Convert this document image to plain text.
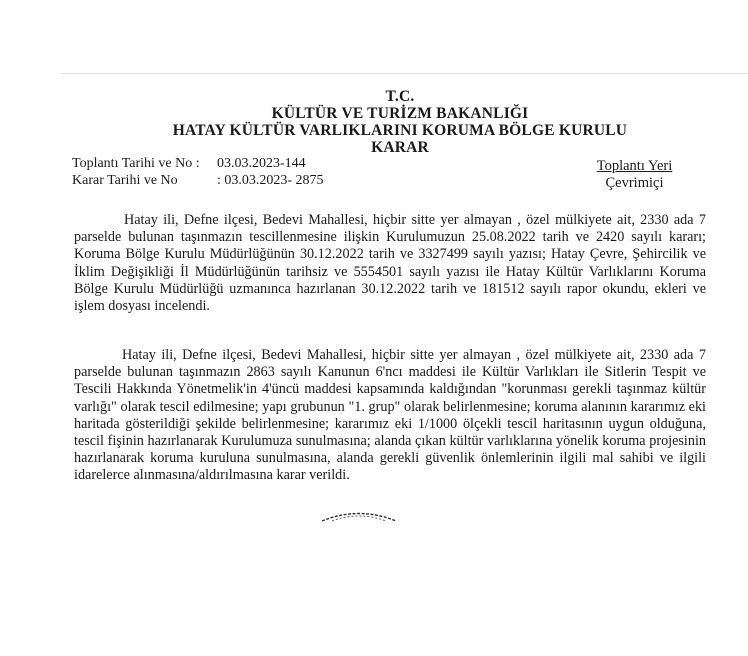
T.C.
KÜLTÜR VE TURİZM BAKANLIĞI
HATAY KÜLTÜR VARLIKLARINI KORUMA BÖLGE KURULU
KARAR
Toplantı Tarihi ve No : 03.03.2023-144
Karar Tarihi ve No	: 03.03.2023- 2875
Toplantı Yeri
Çevrimiçi
Hatay ili, Defne ilçesi, Bedevi Mahallesi, hiçbir sitte yer almayan , özel mülkiyete ait, 2330 ada 7 parselde bulunan taşınmazın tescillenmesine ilişkin Kurulumuzun 25.08.2022 tarih ve 2420 sayılı kararı; Koruma Bölge Kurulu Müdürlüğünün 30.12.2022 tarih ve 3327499 sayılı yazısı; Hatay Çevre, Şehircilik ve İklim Değişikliği İl Müdürlüğünün tarihsiz ve 5554501 sayılı yazısı ile Hatay Kültür Varlıklarını Koruma Bölge Kurulu Müdürlüğü uzmanınca hazırlanan 30.12.2022 tarih ve 181512 sayılı rapor okundu, ekleri ve işlem dosyası incelendi.
Hatay ili, Defne ilçesi, Bedevi Mahallesi, hiçbir sitte yer almayan , özel mülkiyete ait, 2330 ada 7 parselde bulunan taşınmazın 2863 sayılı Kanunun 6'ncı maddesi ile Kültür Varlıkları ile Sitlerin Tespit ve Tescili Hakkında Yönetmelik'in 4'üncü maddesi kapsamında kaldığından "korunması gerekli taşınmaz kültür varlığı" olarak tescil edilmesine; yapı grubunun "1. grup" olarak belirlenmesine; koruma alanının kararımız eki haritada gösterildiği şekilde belirlenmesine; kararımız eki 1/1000 ölçekli tescil haritasının uygun olduğuna, tescil fişinin hazırlanarak Kurulumuza sunulmasına; alanda çıkan kültür varlıklarına yönelik koruma projesinin hazırlanarak koruma kuruluna sunulmasına, alanda gerekli güvenlik önlemlerinin ilgili mal sahibi ve ilgili idarelerce alınmasına/aldırılmasına karar verildi.
